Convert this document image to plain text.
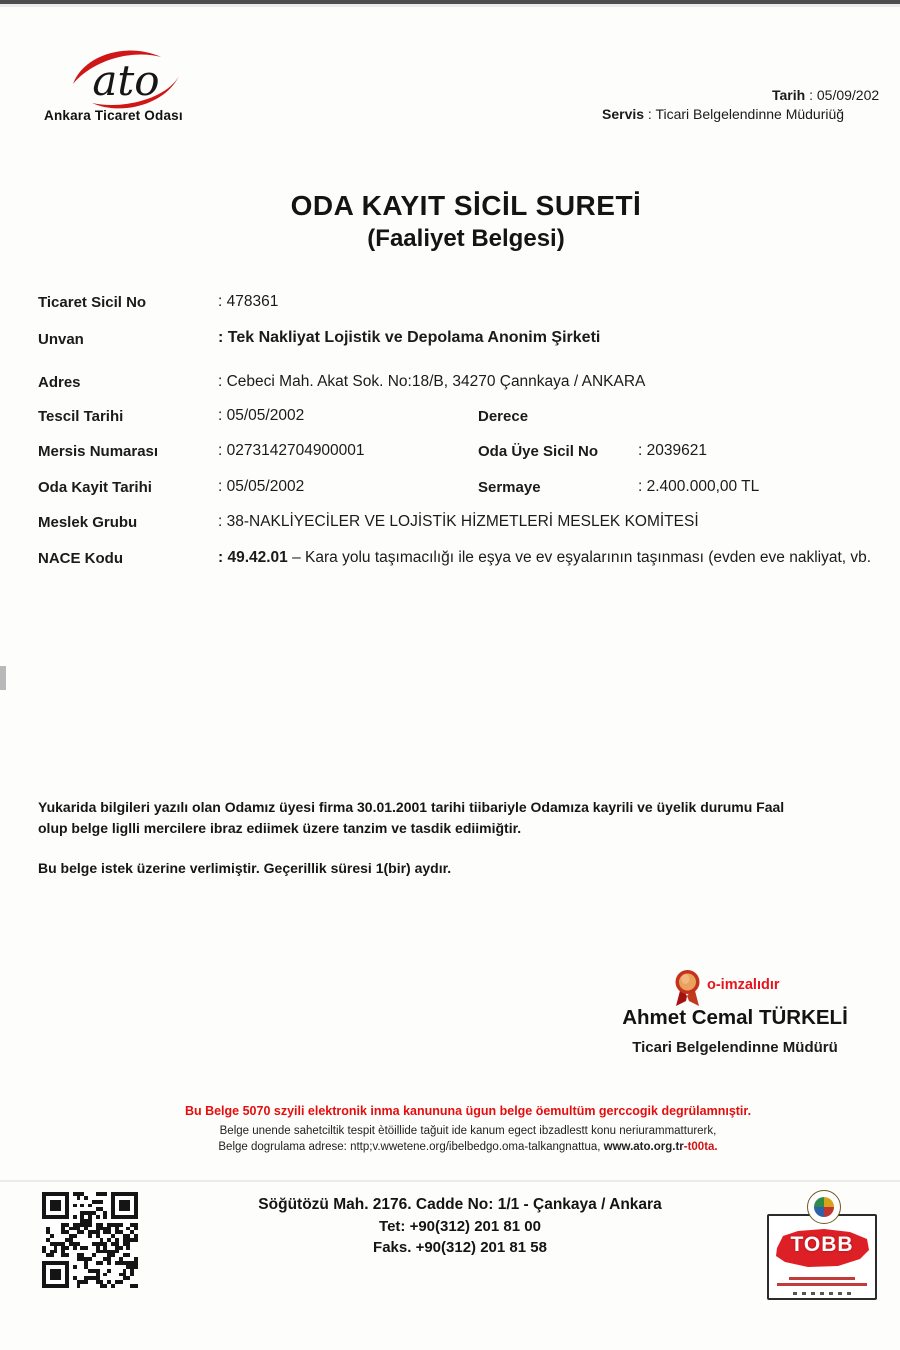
ato
Ankara Ticaret Odası
Tarih : 05/09/202
Servis : Ticari Belgelendinne Müduriüğ
ODA KAYIT SİCİL SURETİ
(Faaliyet Belgesi)
Ticaret Sicil No	: 478361
Unvan	: Tek Nakliyat Lojistik ve Depolama Anonim Şirketi
Adres	: Cebeci Mah. Akat Sok. No:18/B, 34270 Çannkaya / ANKARA
Tescil Tarihi	: 05/05/2002	Derece
Mersis Numarası	: 0273142704900001	Oda Üye Sicil No	: 2039621
Oda Kayit Tarihi	: 05/05/2002	Sermaye	: 2.400.000,00 TL
Meslek Grubu	: 38-NAKLİYECİLER VE LOJİSTİK HİZMETLERİ MESLEK KOMİTESİ
NACE Kodu	: 49.42.01 – Kara yolu taşımacılığı ile eşya ve ev eşyalarının taşınması (evden eve nakliyat, vb.
Yukarida bilgileri yazılı olan Odamız üyesi firma 30.01.2001 tarihi tiibariyle Odamıza kayrili ve üyelik durumu Faal
olup belge liglli mercilere ibraz ediimek üzere tanzim ve tasdik ediimiğtir.
Bu belge istek üzerine verlimiştir. Geçerillik süresi 1(bir) aydır.
o-imzalıdır
Ahmet Cemal TÜRKELİ
Ticari Belgelendinne Müdürü
Bu Belge 5070 szyili elektronik inma kanununa ügun belge öemultüm gerccogik degrülamnıştir.
Belge unende sahetciltik tespit ètöillide tağuit ide kanum egect ibzadlestt konu neriurammatturerk,
Belge dogrulama adrese: nttp;v.wwetene.org/ibelbedgo.oma-talkangnattua, www.ato.org.tr-t00ta.
Söğütözü Mah. 2176. Cadde No: 1/1 - Çankaya / Ankara
Tet: +90(312) 201 81 00
Faks. +90(312) 201 81 58	TOBB
